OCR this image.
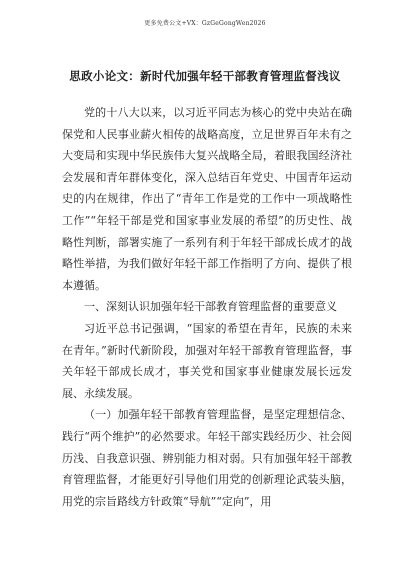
更多免费公文+VX：GzGeGongWen2026
思政小论文：新时代加强年轻干部教育管理监督浅议

党的十八大以来，以习近平同志为核心的党中央站在确保党和人民事业薪火相传的战略高度，立足世界百年未有之大变局和实现中华民族伟大复兴战略全局，着眼我国经济社会发展和青年群体变化，深入总结百年党史、中国青年运动史的内在规律，作出了“青年工作是党的工作中一项战略性工作”“年轻干部是党和国家事业发展的希望”的历史性、战略性判断，部署实施了一系列有利于年轻干部成长成才的战略性举措，为我们做好年轻干部工作指明了方向、提供了根本遵循。

一、深刻认识加强年轻干部教育管理监督的重要意义

习近平总书记强调，“国家的希望在青年，民族的未来在青年。”新时代新阶段，加强对年轻干部教育管理监督，事关年轻干部成长成才，事关党和国家事业健康发展长远发展、永续发展。

（一）加强年轻干部教育管理监督，是坚定理想信念、践行“两个维护”的必然要求。年轻干部实践经历少、社会阅历浅、自我意识强、辨别能力相对弱。只有加强年轻干部教育管理监督，才能更好引导他们用党的创新理论武装头脑，用党的宗旨路线方针政策“导航”“定向”，用
